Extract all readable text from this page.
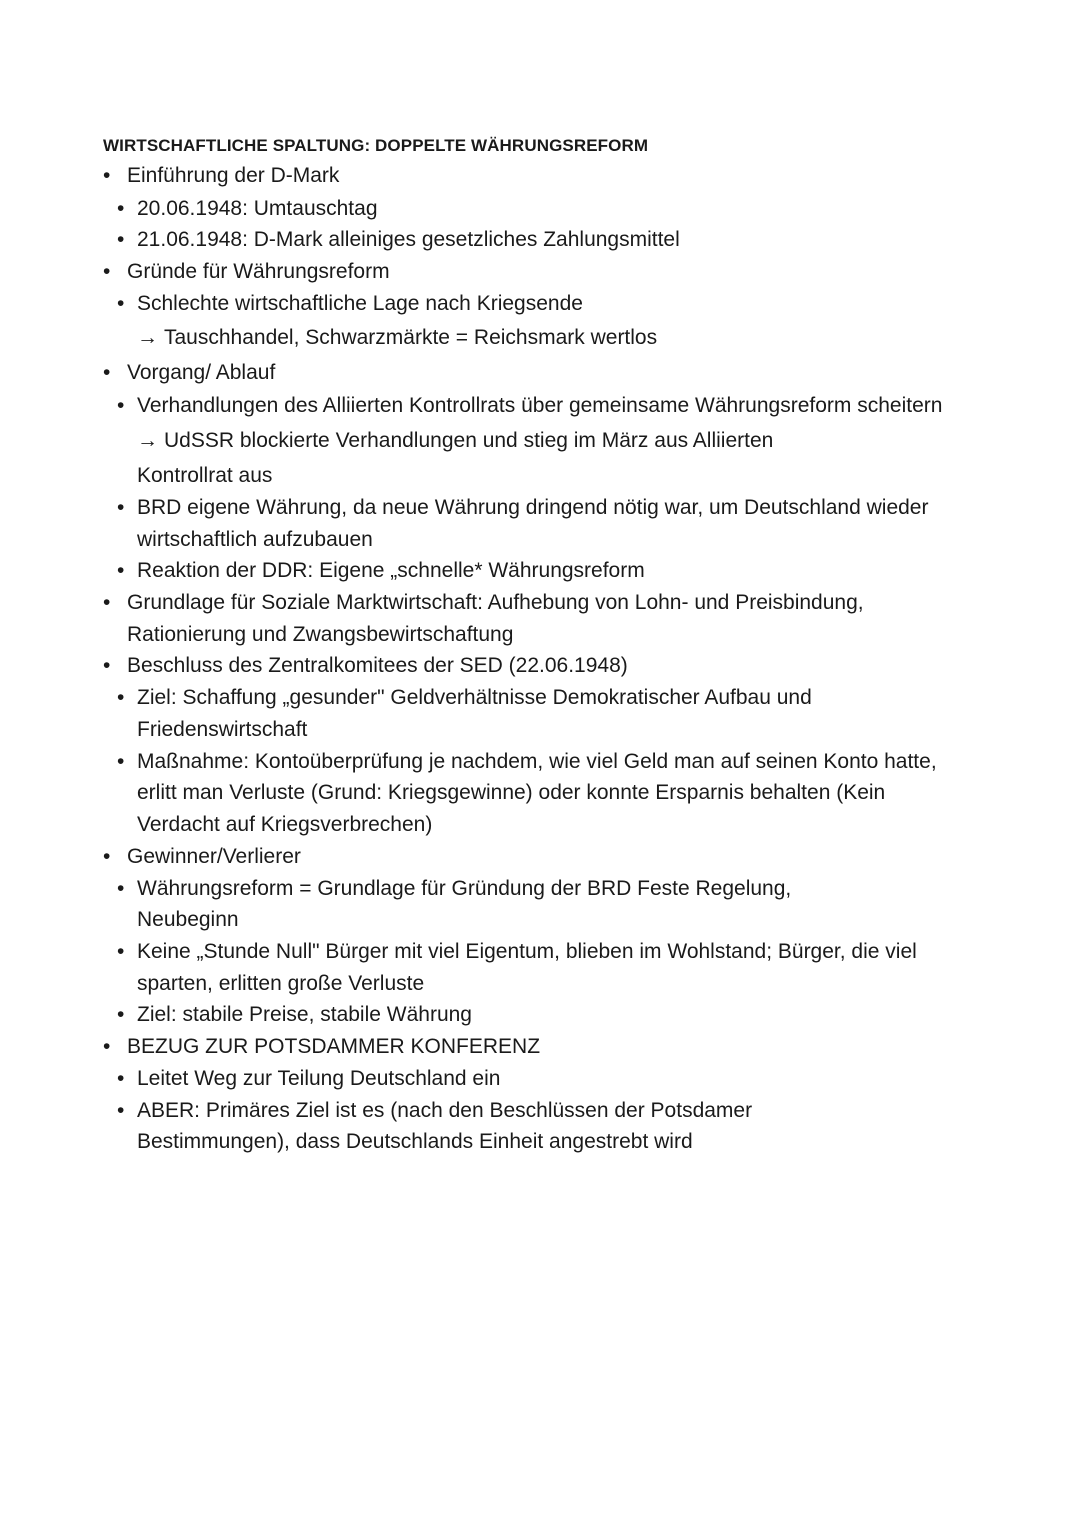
WIRTSCHAFTLICHE SPALTUNG: DOPPELTE WÄHRUNGSREFORM
• Einführung der D-Mark
• 20.06.1948: Umtauschtag
• 21.06.1948: D-Mark alleiniges gesetzliches Zahlungsmittel
• Gründe für Währungsreform
• Schlechte wirtschaftliche Lage nach Kriegsende
→ Tauschhandel, Schwarzmärkte = Reichsmark wertlos
• Vorgang/ Ablauf
• Verhandlungen des Alliierten Kontrollrats über gemeinsame Währungsreform scheitern
→ UdSSR blockierte Verhandlungen und stieg im März aus Alliierten
Kontrollrat aus
• BRD eigene Währung, da neue Währung dringend nötig war, um Deutschland wieder
wirtschaftlich aufzubauen
• Reaktion der DDR: Eigene „schnelle* Währungsreform
• Grundlage für Soziale Marktwirtschaft: Aufhebung von Lohn- und Preisbindung,
Rationierung und Zwangsbewirtschaftung
• Beschluss des Zentralkomitees der SED (22.06.1948)
• Ziel: Schaffung „gesunder" Geldverhältnisse Demokratischer Aufbau und
Friedenswirtschaft
• Maßnahme: Kontoüberprüfung je nachdem, wie viel Geld man auf seinen Konto hatte,
erlitt man Verluste (Grund: Kriegsgewinne) oder konnte Ersparnis behalten (Kein
Verdacht auf Kriegsverbrechen)
• Gewinner/Verlierer
• Währungsreform = Grundlage für Gründung der BRD Feste Regelung,
Neubeginn
• Keine „Stunde Null" Bürger mit viel Eigentum, blieben im Wohlstand; Bürger, die viel
sparten, erlitten große Verluste
• Ziel: stabile Preise, stabile Währung
• BEZUG ZUR POTSDAMMER KONFERENZ
• Leitet Weg zur Teilung Deutschland ein
• ABER: Primäres Ziel ist es (nach den Beschlüssen der Potsdamer
Bestimmungen), dass Deutschlands Einheit angestrebt wird
